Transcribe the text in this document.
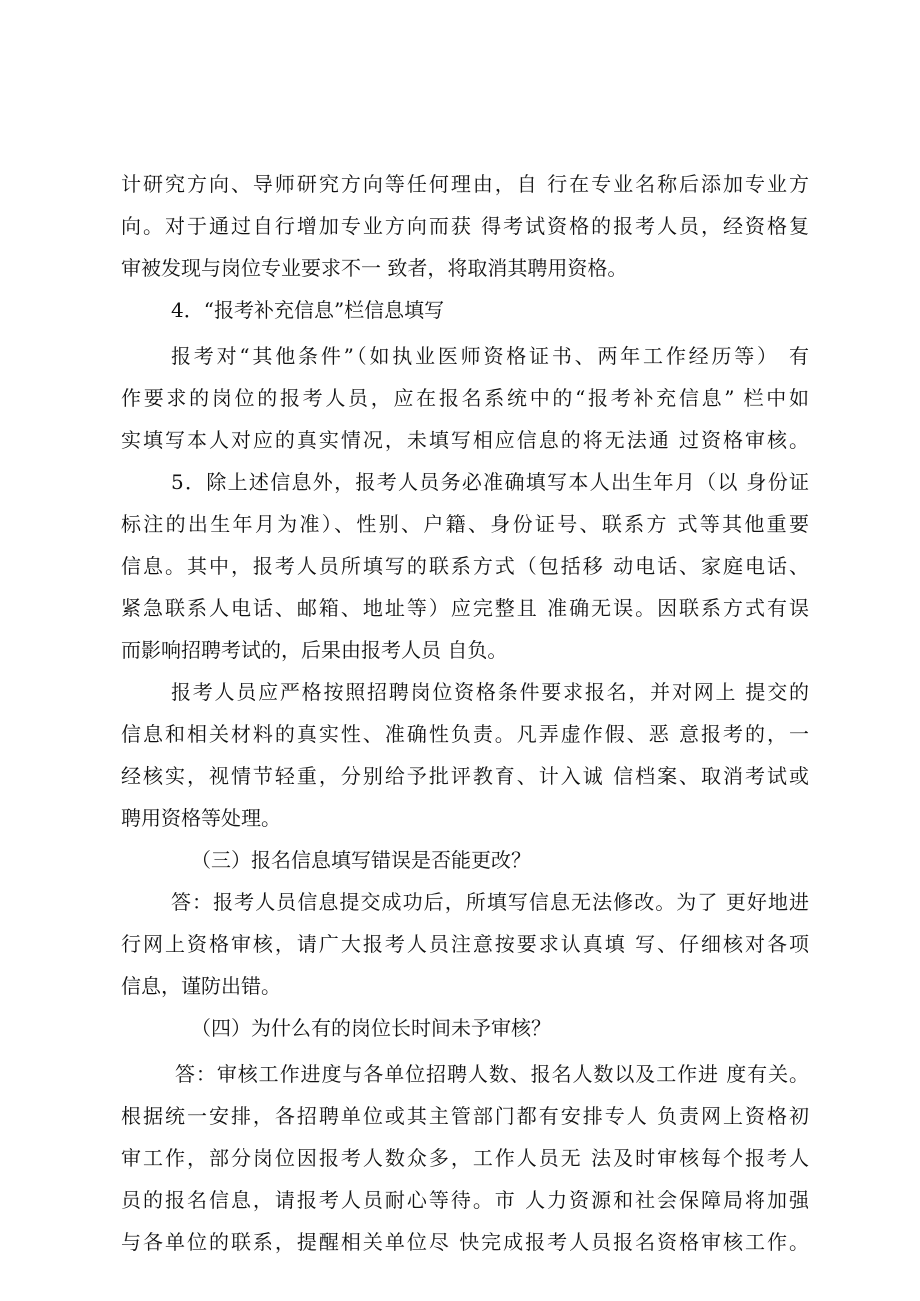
计研究方向、导师研究方向等任何理由，自 行在专业名称后添加专业方

向。对于通过自行增加专业方向而获 得考试资格的报考人员，经资格复

审被发现与岗位专业要求不一 致者，将取消其聘用资格。

4．“报考补充信息”栏信息填写

报考对“其他条件”（如执业医师资格证书、两年工作经历等） 有

作要求的岗位的报考人员，应在报名系统中的“报考补充信息” 栏中如

实填写本人对应的真实情况，未填写相应信息的将无法通 过资格审核。

5．除上述信息外，报考人员务必准确填写本人出生年月（以 身份证

标注的出生年月为准）、性别、户籍、身份证号、联系方 式等其他重要

信息。其中，报考人员所填写的联系方式（包括移 动电话、家庭电话、

紧急联系人电话、邮箱、地址等）应完整且 准确无误。因联系方式有误

而影响招聘考试的，后果由报考人员 自负。

报考人员应严格按照招聘岗位资格条件要求报名，并对网上 提交的

信息和相关材料的真实性、准确性负责。凡弄虚作假、恶 意报考的，一

经核实，视情节轻重，分别给予批评教育、计入诚 信档案、取消考试或

聘用资格等处理。

（三）报名信息填写错误是否能更改？

答：报考人员信息提交成功后，所填写信息无法修改。为了 更好地进

行网上资格审核，请广大报考人员注意按要求认真填 写、仔细核对各项

信息，谨防出错。

（四）为什么有的岗位长时间未予审核？

答：审核工作进度与各单位招聘人数、报名人数以及工作进 度有关。

根据统一安排，各招聘单位或其主管部门都有安排专人 负责网上资格初

审工作，部分岗位因报考人数众多，工作人员无 法及时审核每个报考人

员的报名信息，请报考人员耐心等待。市 人力资源和社会保障局将加强

与各单位的联系，提醒相关单位尽 快完成报考人员报名资格审核工作。
